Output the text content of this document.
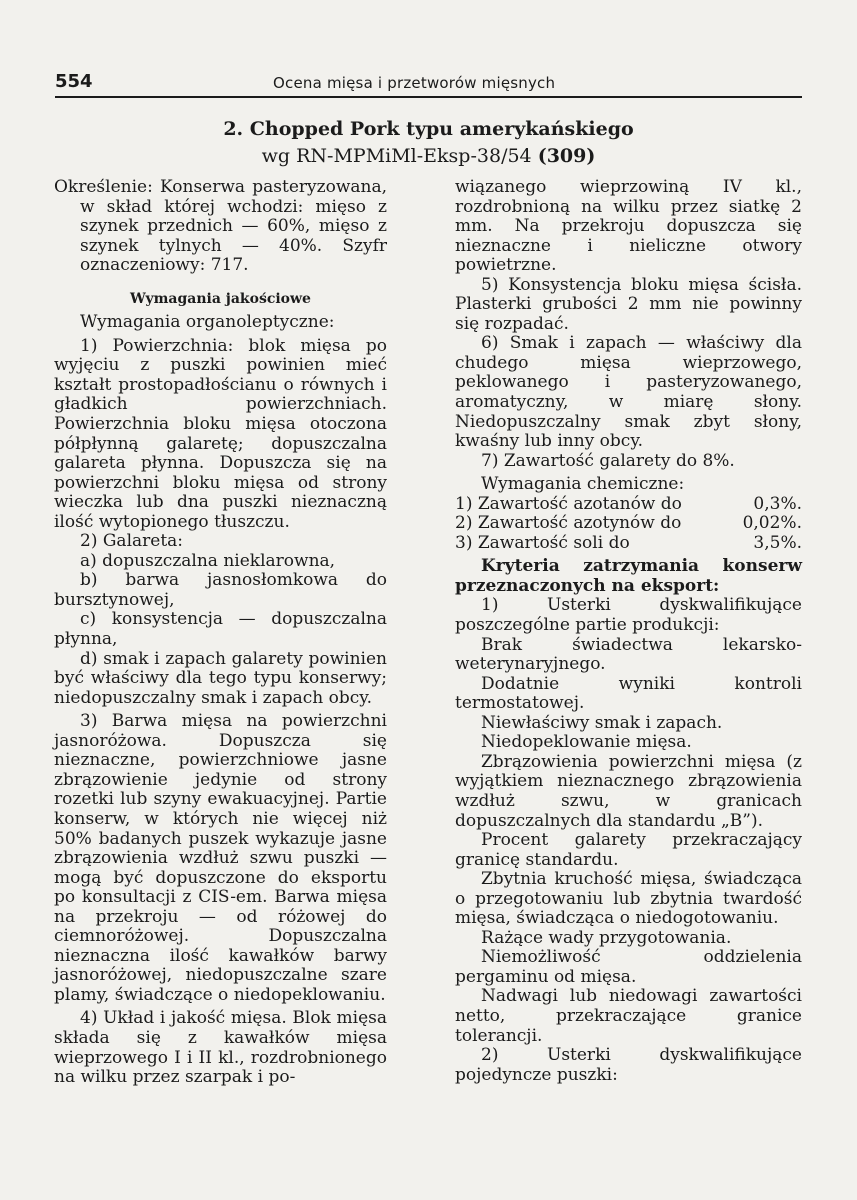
554	Ocena mięsa i przetworów mięsnych
2. Chopped Pork typu amerykańskiego
wg RN-MPMiMl-Eksp-38/54 (309)

Określenie: Konserwa pasteryzowana, w skład której wchodzi: mięso z szynek przednich — 60%, mięso z szynek tylnych — 40%. Szyfr oznaczeniowy: 717.

Wymagania jakościowe

Wymagania organoleptyczne:

1) Powierzchnia: blok mięsa po wyjęciu z puszki powinien mieć kształt prostopadłościanu o równych i gładkich powierzchniach. Powierzchnia bloku mięsa otoczona półpłynną galaretę; dopuszczalna galareta płynna. Dopuszcza się na powierzchni bloku mięsa od strony wieczka lub dna puszki nieznaczną ilość wytopionego tłuszczu.

2) Galareta:

a) dopuszczalna nieklarowna,

b) barwa jasnosłomkowa do bursztynowej,

c) konsystencja — dopuszczalna płynna,

d) smak i zapach galarety powinien być właściwy dla tego typu konserwy; niedopuszczalny smak i zapach obcy.

3) Barwa mięsa na powierzchni jasnoróżowa. Dopuszcza się nieznaczne, powierzchniowe jasne zbrązowienie jedynie od strony rozetki lub szyny ewakuacyjnej. Partie konserw, w których nie więcej niż 50% badanych puszek wykazuje jasne zbrązowienia wzdłuż szwu puszki — mogą być dopuszczone do eksportu po konsultacji z CIS-em. Barwa mięsa na przekroju — od różowej do ciemnoróżowej. Dopuszczalna nieznaczna ilość kawałków barwy jasnoróżowej, niedopuszczalne szare plamy, świadczące o niedopeklowaniu.

4) Układ i jakość mięsa. Blok mięsa składa się z kawałków mięsa wieprzowego I i II kl., rozdrobnionego na wilku przez szarpak i po-

wiązanego wieprzowiną IV kl., rozdrobnioną na wilku przez siatkę 2 mm. Na przekroju dopuszcza się nieznaczne i nieliczne otwory powietrzne.

5) Konsystencja bloku mięsa ścisła. Plasterki grubości 2 mm nie powinny się rozpadać.

6) Smak i zapach — właściwy dla chudego mięsa wieprzowego, peklowanego i pasteryzowanego, aromatyczny, w miarę słony. Niedopuszczalny smak zbyt słony, kwaśny lub inny obcy.

7) Zawartość galarety do 8%.

Wymagania chemiczne:

1) Zawartość azotanów do	0,3%.
2) Zawartość azotynów do	0,02%.
3) Zawartość soli do	3,5%.

Kryteria zatrzymania konserw przeznaczonych na eksport:

1) Usterki dyskwalifikujące poszczególne partie produkcji:

Brak świadectwa lekarsko-weterynaryjnego.

Dodatnie wyniki kontroli termostatowej.

Niewłaściwy smak i zapach.

Niedopeklowanie mięsa.

Zbrązowienia powierzchni mięsa (z wyjątkiem nieznacznego zbrązowienia wzdłuż szwu, w granicach dopuszczalnych dla standardu „B”).

Procent galarety przekraczający granicę standardu.

Zbytnia kruchość mięsa, świadcząca o przegotowaniu lub zbytnia twardość mięsa, świadcząca o niedogotowaniu.

Rażące wady przygotowania.

Niemożliwość oddzielenia pergaminu od mięsa.

Nadwagi lub niedowagi zawartości netto, przekraczające granice tolerancji.

2) Usterki dyskwalifikujące pojedyncze puszki:
